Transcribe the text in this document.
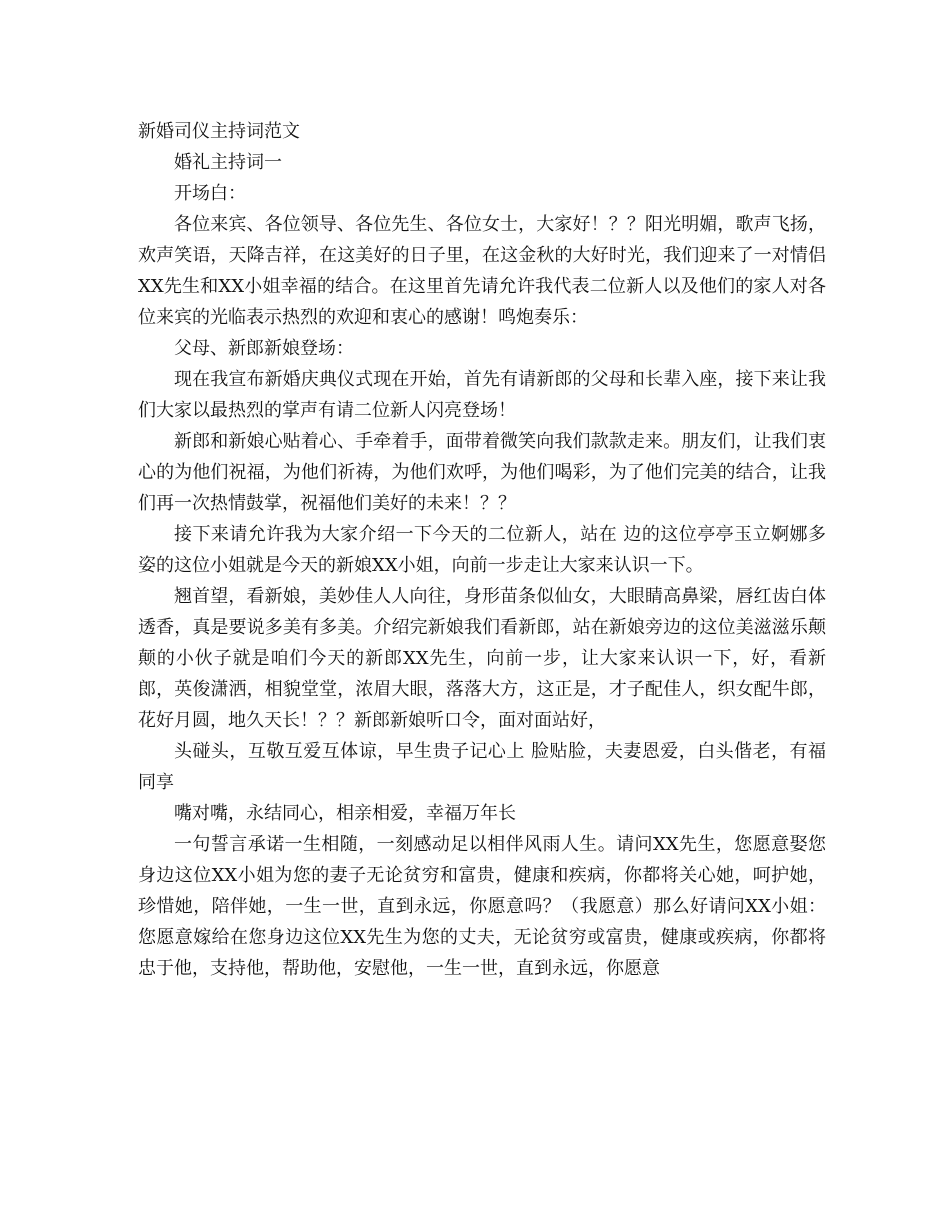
新婚司仪主持词范文

婚礼主持词一

开场白：

各位来宾、各位领导、各位先生、各位女士，大家好！？？阳光明媚，歌声飞扬，欢声笑语，天降吉祥，在这美好的日子里，在这金秋的大好时光，我们迎来了一对情侣XX先生和XX小姐幸福的结合。在这里首先请允许我代表二位新人以及他们的家人对各位来宾的光临表示热烈的欢迎和衷心的感谢！鸣炮奏乐：

父母、新郎新娘登场：

现在我宣布新婚庆典仪式现在开始，首先有请新郎的父母和长辈入座，接下来让我们大家以最热烈的掌声有请二位新人闪亮登场！

新郎和新娘心贴着心、手牵着手，面带着微笑向我们款款走来。朋友们，让我们衷心的为他们祝福，为他们祈祷，为他们欢呼，为他们喝彩，为了他们完美的结合，让我们再一次热情鼓掌，祝福他们美好的未来！？？

接下来请允许我为大家介绍一下今天的二位新人，站在 边的这位亭亭玉立婀娜多姿的这位小姐就是今天的新娘XX小姐，向前一步走让大家来认识一下。

翘首望，看新娘，美妙佳人人向往，身形苗条似仙女，大眼睛高鼻梁，唇红齿白体透香，真是要说多美有多美。介绍完新娘我们看新郎，站在新娘旁边的这位美滋滋乐颠颠的小伙子就是咱们今天的新郎XX先生，向前一步，让大家来认识一下，好，看新郎，英俊潇洒，相貌堂堂，浓眉大眼，落落大方，这正是，才子配佳人，织女配牛郎，花好月圆，地久天长！？？新郎新娘听口令，面对面站好，

头碰头，互敬互爱互体谅，早生贵子记心上 脸贴脸，夫妻恩爱，白头偕老，有福同享

嘴对嘴，永结同心，相亲相爱，幸福万年长

一句誓言承诺一生相随，一刻感动足以相伴风雨人生。请问XX先生，您愿意娶您身边这位XX小姐为您的妻子无论贫穷和富贵，健康和疾病，你都将关心她，呵护她，珍惜她，陪伴她，一生一世，直到永远，你愿意吗？（我愿意）那么好请问XX小姐：您愿意嫁给在您身边这位XX先生为您的丈夫，无论贫穷或富贵，健康或疾病，你都将忠于他，支持他，帮助他，安慰他，一生一世，直到永远，你愿意
